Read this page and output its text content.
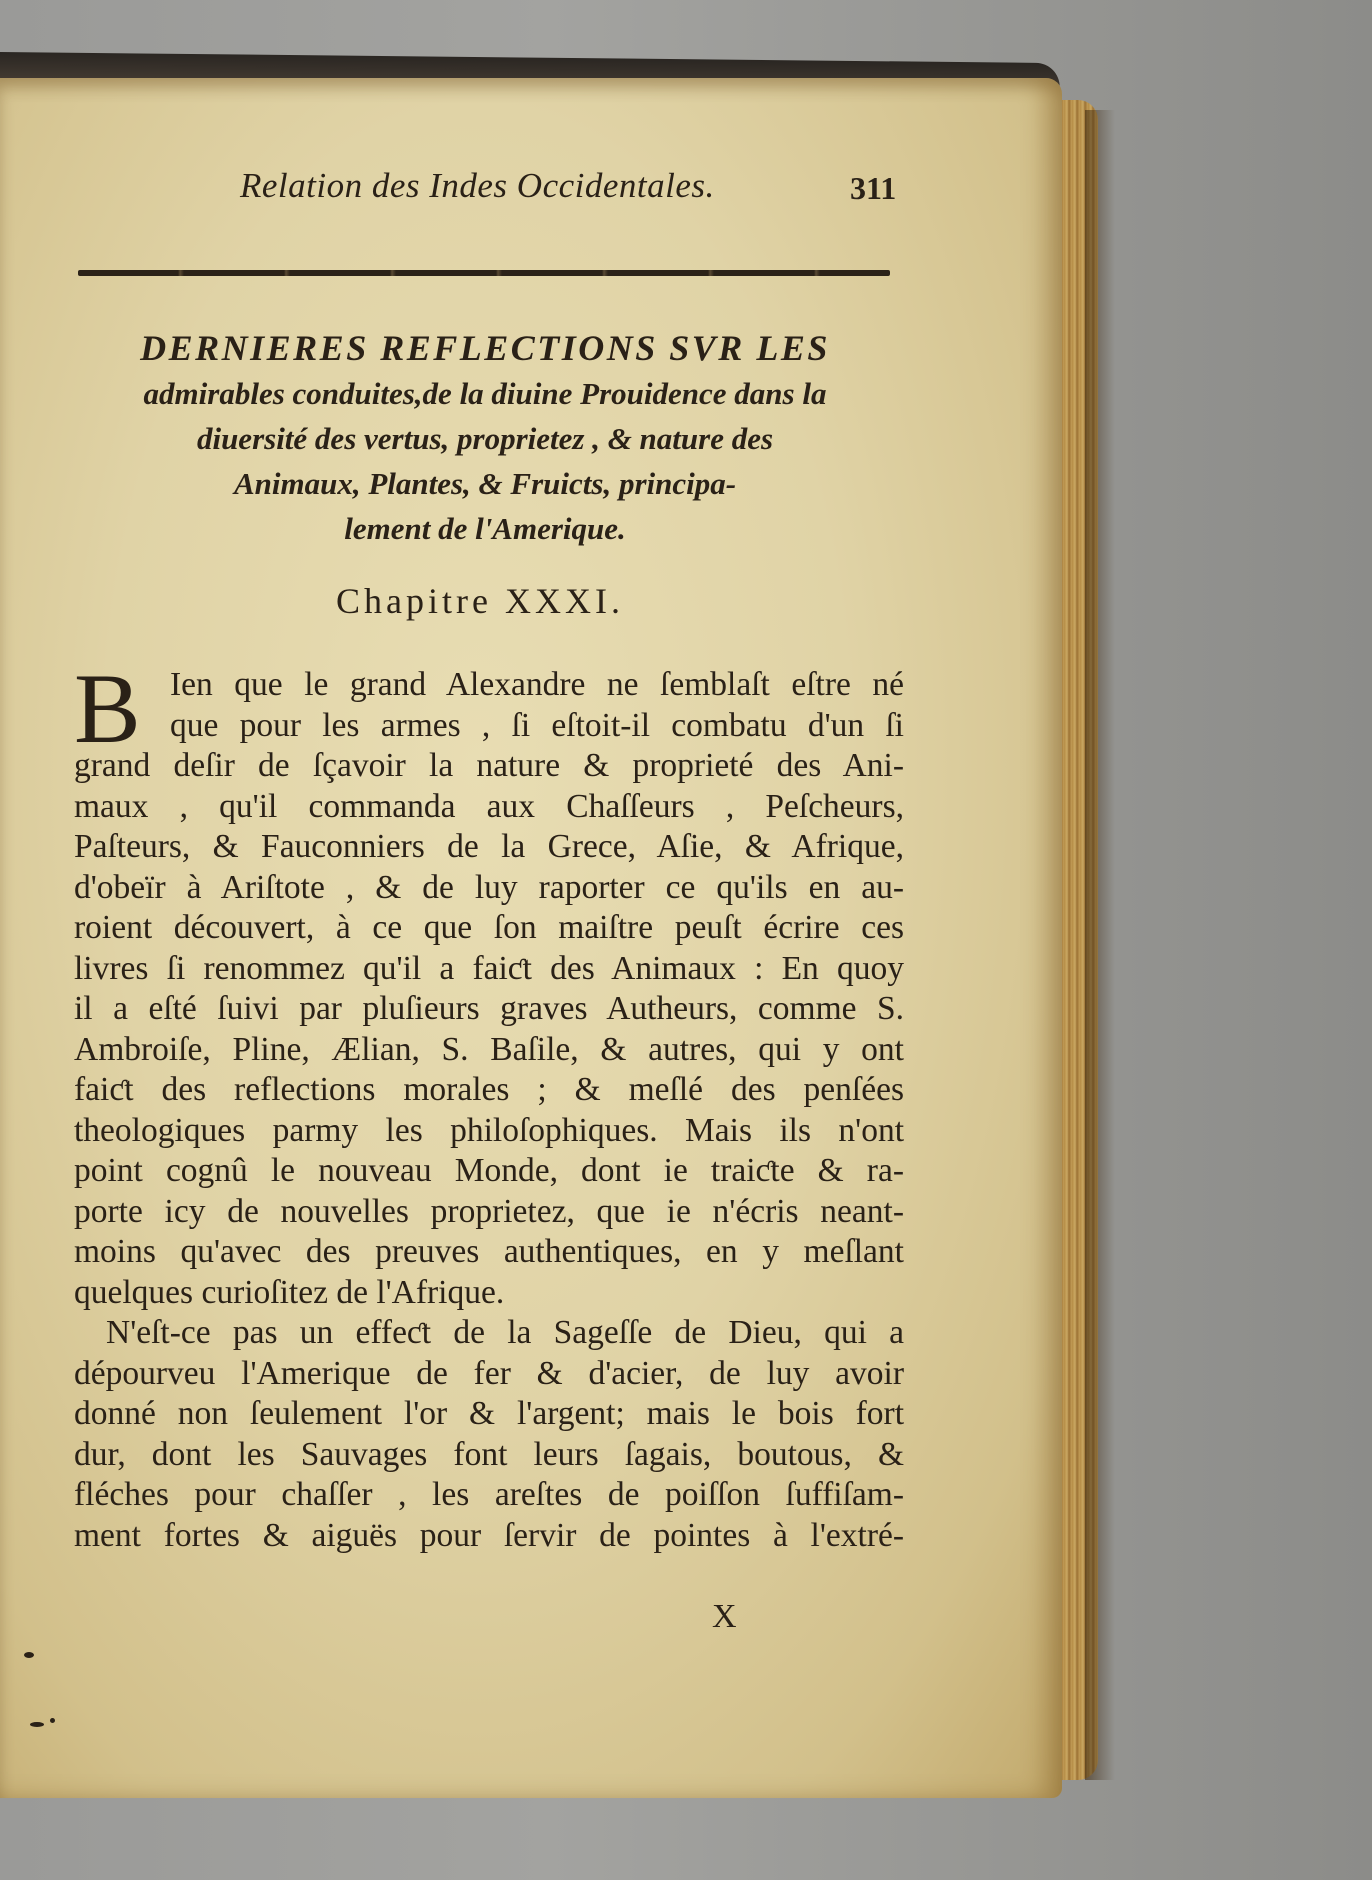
Relation des Indes Occidentales.	311
DERNIERES REFLECTIONS SVR LES
admirables conduites,de la diuine Prouidence dans la
diuersité des vertus, proprietez , & nature des
Animaux, Plantes, & Fruicts, principa-
lement de l'Amerique.
Chapitre XXXI.
B Ien que le grand Alexandre ne ſemblaſt eſtre né
que pour les armes , ſi eſtoit-il combatu d'un ſi
grand deſir de ſçavoir la nature & proprieté des Ani-
maux , qu'il commanda aux Chaſſeurs , Peſcheurs,
Paſteurs, & Fauconniers de la Grece, Aſie, & Afrique,
d'obeïr à Ariſtote , & de luy raporter ce qu'ils en au-
roient découvert, à ce que ſon maiſtre peuſt écrire ces
livres ſi renommez qu'il a faiƈt des Animaux : En quoy
il a eſté ſuivi par pluſieurs graves Autheurs, comme S.
Ambroiſe, Pline, Ælian, S. Baſile, & autres, qui y ont
faiƈt des reflections morales ; & meſlé des penſées
theologiques parmy les philoſophiques. Mais ils n'ont
point cognû le nouveau Monde, dont ie traiƈte & ra-
porte icy de nouvelles proprietez, que ie n'écris neant-
moins qu'avec des preuves authentiques, en y meſlant
quelques curioſitez de l'Afrique.
N'eſt-ce pas un effeƈt de la Sageſſe de Dieu, qui a
dépourveu l'Amerique de fer & d'acier, de luy avoir
donné non ſeulement l'or & l'argent; mais le bois fort
dur, dont les Sauvages font leurs ſagais, boutous, &
fléches pour chaſſer , les areſtes de poiſſon ſuffiſam-
ment fortes & aiguës pour ſervir de pointes à l'extré-
X
